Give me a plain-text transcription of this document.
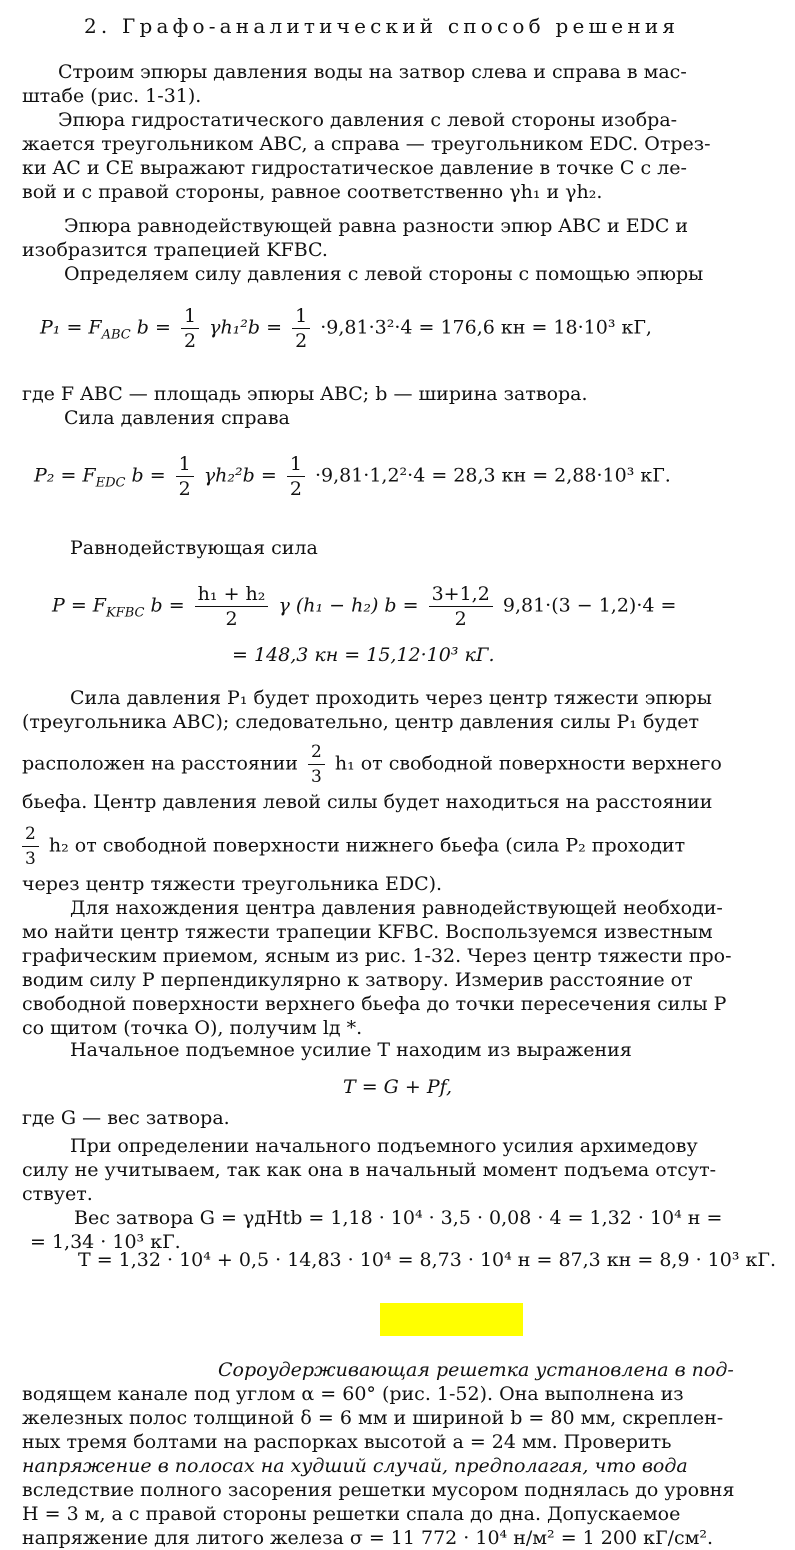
2. Графо-аналитический способ решения
Строим эпюры давления воды на затвор слева и справа в мас-
штабе (рис. 1-31).
Эпюра гидростатического давления с левой стороны изобра-
жается треугольником ABC, а справа — треугольником EDC. Отрез-
ки AC и CE выражают гидростатическое давление в точке C с ле-
вой и с правой стороны, равное соответственно γh₁ и γh₂.
Эпюра равнодействующей равна разности эпюр ABC и EDC и
изобразится трапецией KFBC.
Определяем силу давления с левой стороны с помощью эпюры
$P_1 = F_{ABC}$ $b = \frac{1}{2} \gamma h_1^2b = \frac{1}{2} \cdot 9,81\cdot 3^2\cdot 4 = 176,6$ кн = 18·10³ кГ,
где F ABC — площадь эпюры ABC; b — ширина затвора.
Сила давления справа
$P_2 = F_{EDC}$ $b = \frac{1}{2} \gamma h_2^2b = \frac{1}{2} \cdot 9,81\cdot 1,2^2\cdot 4 = 28,3$ кн = 2,88·10³ кГ.
Равнодействующая сила
$P = F_{KFBC}$ $b = \frac{\text{h₁ + h₂}}{2}$ γ (h₁ − h₂) $b = \frac{3+1,2}{2} 9,81\cdot(3 - 1,2)\cdot 4$ =
= 148,3 кн = 15,12·10³ кГ.
Сила давления P₁ будет проходить через центр тяжести эпюры
(треугольника ABC); следовательно, центр давления силы P₁ будет
расположен на расстоянии $\frac{2}{3} h_1$ от свободной поверхности верхнего
бьефа. Центр давления левой силы будет находиться на расстоянии
$\frac{2}{3} h_2$ от свободной поверхности нижнего бьефа (сила P₂ проходит
через центр тяжести треугольника EDC).
Для нахождения центра давления равнодействующей необходи-
мо найти центр тяжести трапеции KFBC. Воспользуемся известным
графическим приемом, ясным из рис. 1-32. Через центр тяжести про-
водим силу P перпендикулярно к затвору. Измерив расстояние от
свободной поверхности верхнего бьефа до точки пересечения силы P
со щитом (точка O), получим lд *.
Начальное подъемное усилие T находим из выражения
T = G + Pf,
где G — вес затвора.
При определении начального подъемного усилия архимедову
силу не учитываем, так как она в начальный момент подъема отсут-
ствует.
Вес затвора G = γдHtb = 1,18 · 10⁴ · 3,5 · 0,08 · 4 = 1,32 · 10⁴ н =
= 1,34 · 10³ кГ.
T = 1,32 · 10⁴ + 0,5 · 14,83 · 10⁴ = 8,73 · 10⁴ н = 87,3 кн = 8,9 · 10³ кГ.
Сороудерживающая решетка установлена в под-
водящем канале под углом α = 60° (рис. 1-52). Она выполнена из
железных полос толщиной δ = 6 мм и шириной b = 80 мм, скреплен-
ных тремя болтами на распорках высотой a = 24 мм. Проверить
напряжение в полосах на худший случай, предполагая, что вода
вследствие полного засорения решетки мусором поднялась до уровня
H = 3 м, а с правой стороны решетки спала до дна. Допускаемое
напряжение для литого железа σ = 11 772 · 10⁴ н/м² = 1 200 кГ/см².
